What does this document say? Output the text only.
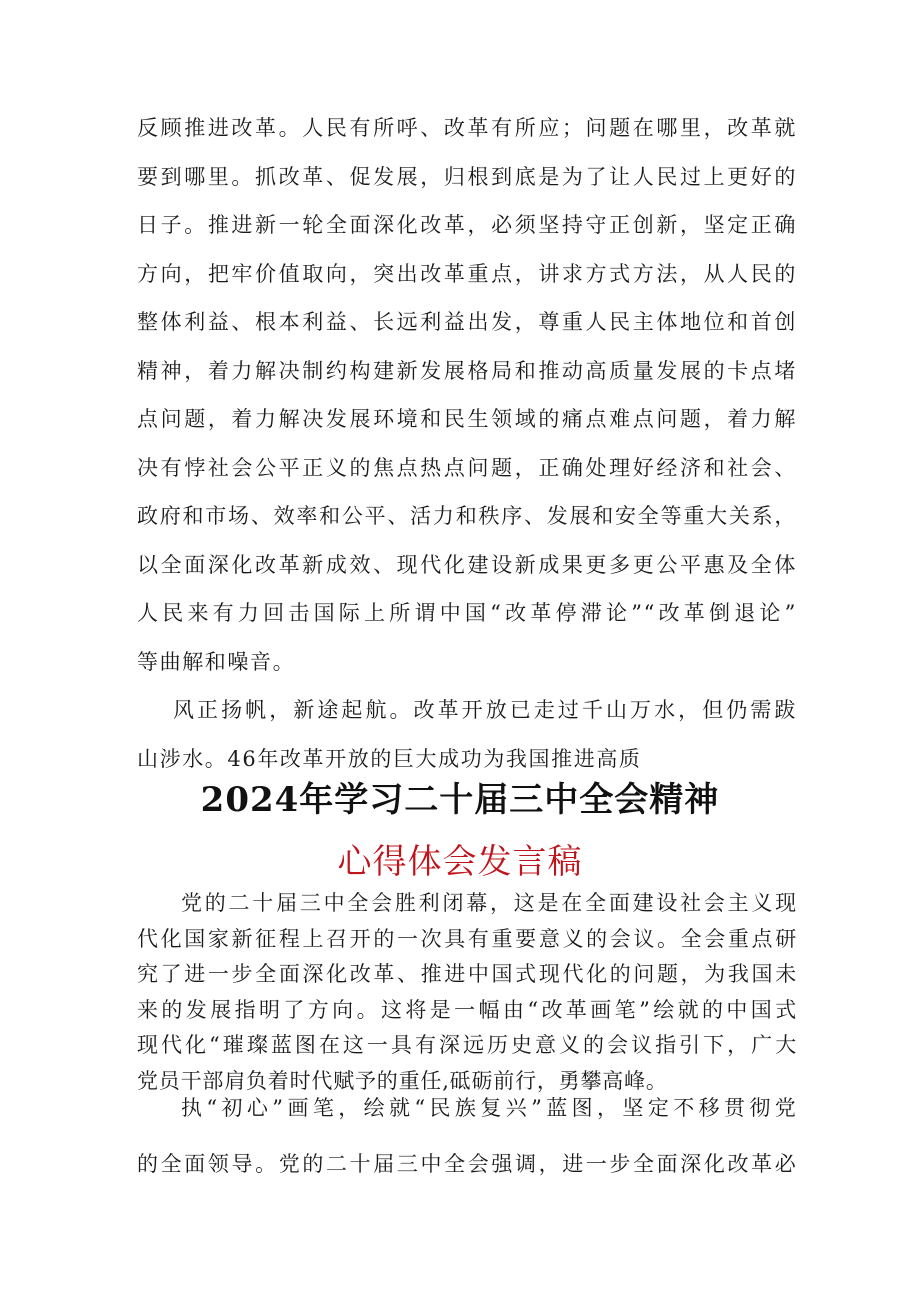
反顾推进改革。人民有所呼、改革有所应；问题在哪里，改革就
要到哪里。抓改革、促发展，归根到底是为了让人民过上更好的
日子。推进新一轮全面深化改革，必须坚持守正创新，坚定正确
方向，把牢价值取向，突出改革重点，讲求方式方法，从人民的
整体利益、根本利益、长远利益出发，尊重人民主体地位和首创
精神，着力解决制约构建新发展格局和推动高质量发展的卡点堵
点问题，着力解决发展环境和民生领域的痛点难点问题，着力解
决有悖社会公平正义的焦点热点问题，正确处理好经济和社会、
政府和市场、效率和公平、活力和秩序、发展和安全等重大关系，
以全面深化改革新成效、现代化建设新成果更多更公平惠及全体
人民来有力回击国际上所谓中国“改革停滞论”“改革倒退论”
等曲解和噪音。
风正扬帆，新途起航。改革开放已走过千山万水，但仍需跋
山涉水。46年改革开放的巨大成功为我国推进高质
2024年学习二十届三中全会精神
心得体会发言稿
党的二十届三中全会胜利闭幕，这是在全面建设社会主义现
代化国家新征程上召开的一次具有重要意义的会议。全会重点研
究了进一步全面深化改革、推进中国式现代化的问题，为我国未
来的发展指明了方向。这将是一幅由“改革画笔”绘就的中国式
现代化“璀璨蓝图在这一具有深远历史意义的会议指引下，广大
党员干部肩负着时代赋予的重任,砥砺前行，勇攀高峰。
执“初心”画笔，绘就“民族复兴”蓝图，坚定不移贯彻党
的全面领导。党的二十届三中全会强调，进一步全面深化改革必
